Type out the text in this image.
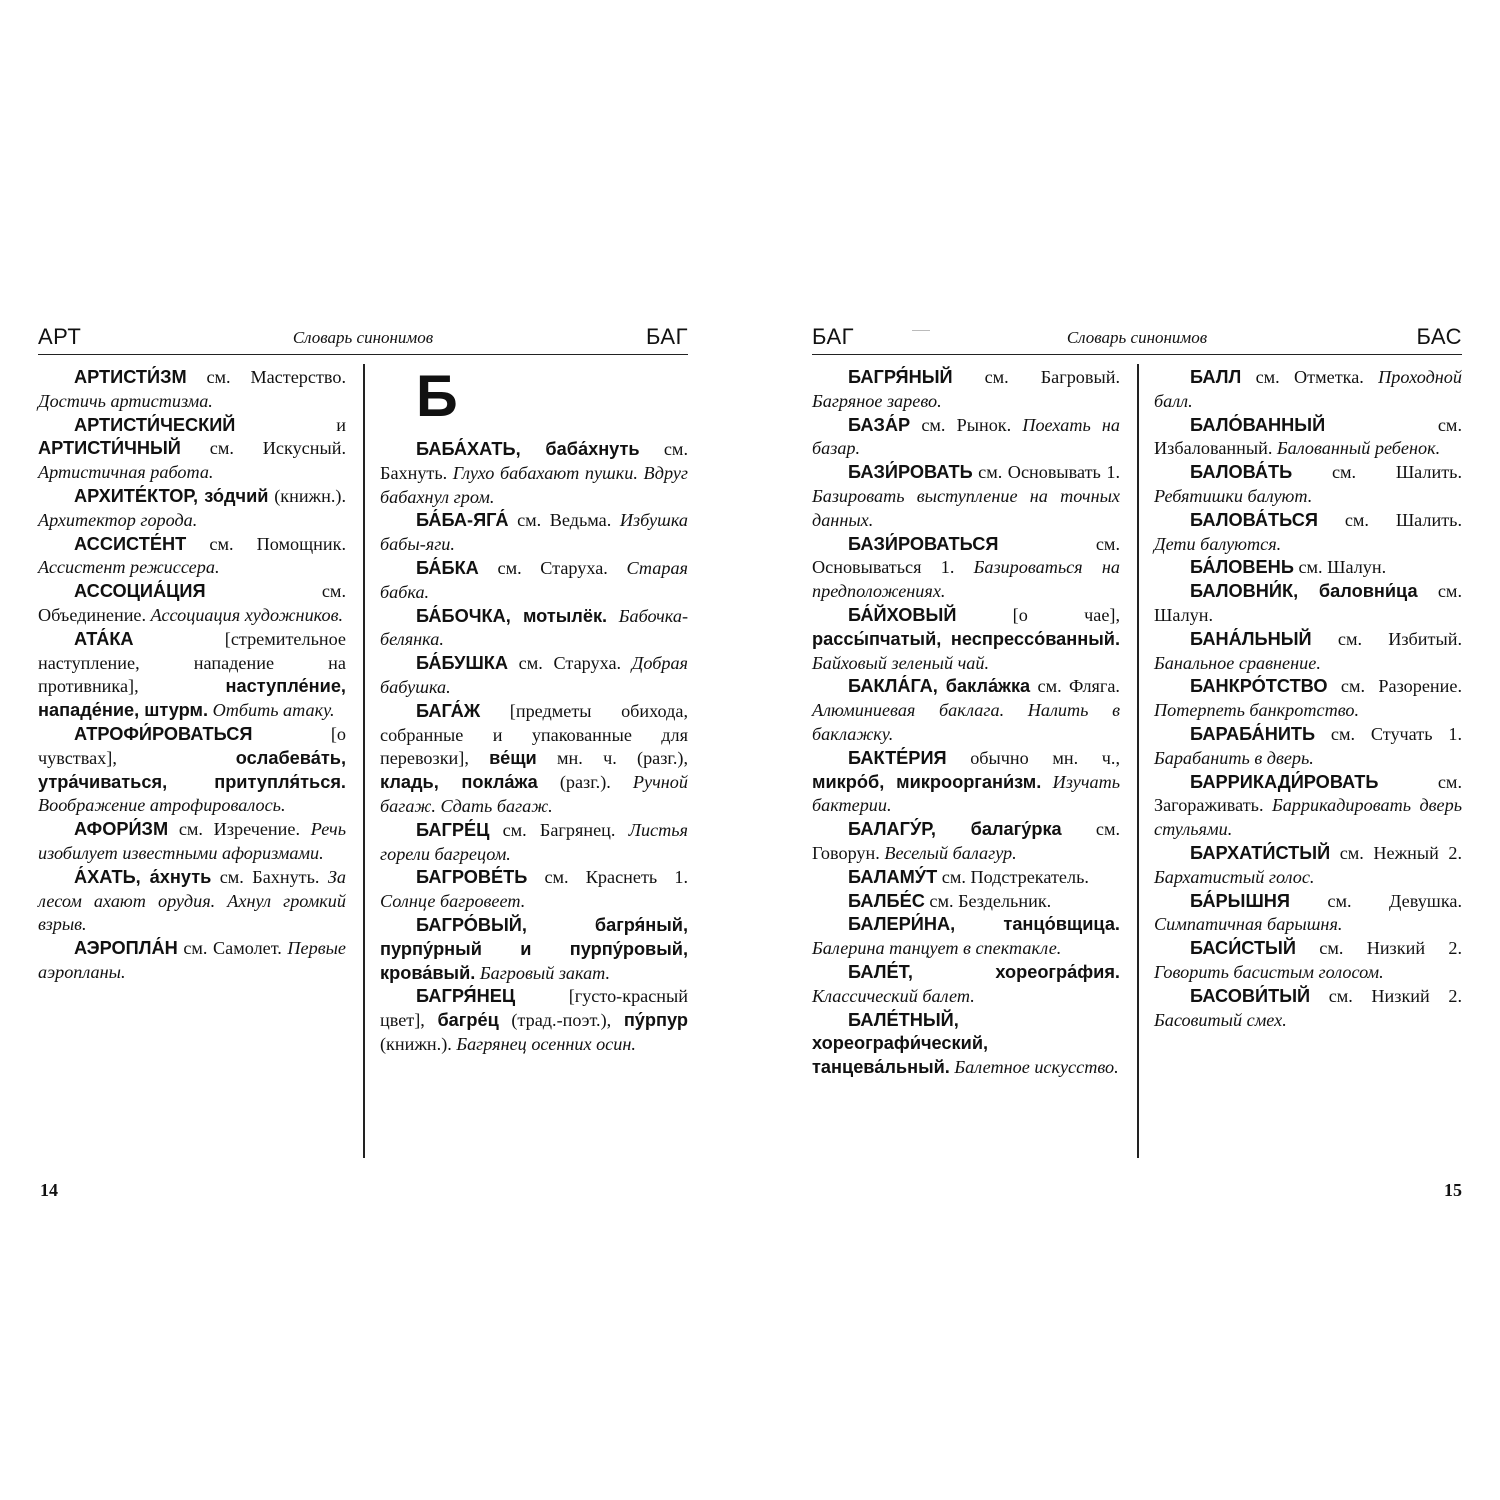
АРТ	Словарь синонимов	БАГ

АРТИСТИ́ЗМ см. Мастерство. Достичь артистизма.

АРТИСТИ́ЧЕСКИЙ и АРТИСТИ́ЧНЫЙ см. Искусный. Артистичная работа.

АРХИТЕ́КТОР, зо́дчий (книжн.). Архитектор города.

АССИСТЕ́НТ см. Помощник. Ассистент режиссера.

АССОЦИА́ЦИЯ см. Объединение. Ассоциация художников.

АТА́КА [стремительное наступление, нападение на противника], наступле́ние, нападе́ние, штурм. Отбить атаку.

АТРОФИ́РОВАТЬСЯ [о чувствах], ослабева́ть, утра́чиваться, притупля́ться. Воображение атрофировалось.

АФОРИ́ЗМ см. Изречение. Речь изобилует известными афоризмами.

А́ХАТЬ, а́хнуть см. Бахнуть. За лесом ахают орудия. Ахнул громкий взрыв.

АЭРОПЛА́Н см. Самолет. Первые аэропланы.

Б

БАБА́ХАТЬ, баба́хнуть см. Бахнуть. Глухо бабахают пушки. Вдруг бабахнул гром.

БА́БА-ЯГА́ см. Ведьма. Избушка бабы-яги.

БА́БКА см. Старуха. Старая бабка.

БА́БОЧКА, мотылёк. Бабочка-белянка.

БА́БУШКА см. Старуха. Добрая бабушка.

БАГА́Ж [предметы обихода, собранные и упакованные для перевозки], ве́щи мн. ч. (разг.), кладь, покла́жа (разг.). Ручной багаж. Сдать багаж.

БАГРЕ́Ц см. Багрянец. Листья горели багрецом.

БАГРОВЕ́ТЬ см. Краснеть 1. Солнце багровеет.

БАГРО́ВЫЙ, багря́ный, пурпу́рный и пурпу́ровый, крова́вый. Багровый закат.

БАГРЯ́НЕЦ [густо-красный цвет], багре́ц (трад.-поэт.), пу́рпур (книжн.). Багрянец осенних осин.

14
БАГ	Словарь синонимов	БАС

БАГРЯ́НЫЙ см. Багровый. Багряное зарево.

БАЗА́Р см. Рынок. Поехать на базар.

БАЗИ́РОВАТЬ см. Основывать 1. Базировать выступление на точных данных.

БАЗИ́РОВАТЬСЯ см. Основываться 1. Базироваться на предположениях.

БА́ЙХОВЫЙ [о чае], рассы́пчатый, неспрессо́ванный. Байховый зеленый чай.

БАКЛА́ГА, бакла́жка см. Фляга. Алюминиевая баклага. Налить в баклажку.

БАКТЕ́РИЯ обычно мн. ч., микро́б, микрооргани́зм. Изучать бактерии.

БАЛАГУ́Р, балагу́рка см. Говорун. Веселый балагур.

БАЛАМУ́Т см. Подстрекатель.

БАЛБЕ́С см. Бездельник.

БАЛЕРИ́НА, танцо́вщица. Балерина танцует в спектакле.

БАЛЕ́Т, хореогра́фия. Классический балет.

БАЛЕ́ТНЫЙ, хореографи́ческий, танцева́льный. Балетное искусство.

БАЛЛ см. Отметка. Проходной балл.

БАЛО́ВАННЫЙ см. Избалованный. Балованный ребенок.

БАЛОВА́ТЬ см. Шалить. Ребятишки балуют.

БАЛОВА́ТЬСЯ см. Шалить. Дети балуются.

БА́ЛОВЕНЬ см. Шалун.

БАЛОВНИ́К, баловни́ца см. Шалун.

БАНА́ЛЬНЫЙ см. Избитый. Банальное сравнение.

БАНКРО́ТСТВО см. Разорение. Потерпеть банкротство.

БАРАБА́НИТЬ см. Стучать 1. Барабанить в дверь.

БАРРИКАДИ́РОВАТЬ см. Загораживать. Баррикадировать дверь стульями.

БАРХАТИ́СТЫЙ см. Нежный 2. Бархатистый голос.

БА́РЫШНЯ см. Девушка. Симпатичная барышня.

БАСИ́СТЫЙ см. Низкий 2. Говорить басистым голосом.

БАСОВИ́ТЫЙ см. Низкий 2. Басовитый смех.

15
